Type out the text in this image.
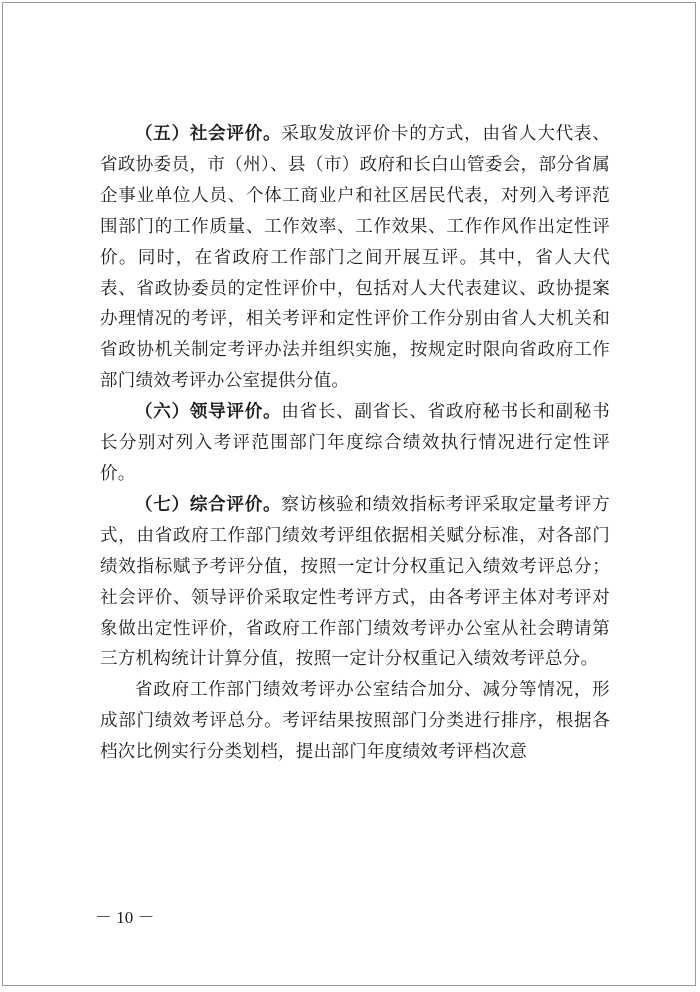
（五）社会评价。采取发放评价卡的方式，由省人大代表、省政协委员，市（州）、县（市）政府和长白山管委会，部分省属企事业单位人员、个体工商业户和社区居民代表，对列入考评范围部门的工作质量、工作效率、工作效果、工作作风作出定性评价。同时，在省政府工作部门之间开展互评。其中，省人大代表、省政协委员的定性评价中，包括对人大代表建议、政协提案办理情况的考评，相关考评和定性评价工作分别由省人大机关和省政协机关制定考评办法并组织实施，按规定时限向省政府工作部门绩效考评办公室提供分值。

（六）领导评价。由省长、副省长、省政府秘书长和副秘书长分别对列入考评范围部门年度综合绩效执行情况进行定性评价。

（七）综合评价。察访核验和绩效指标考评采取定量考评方式，由省政府工作部门绩效考评组依据相关赋分标准，对各部门绩效指标赋予考评分值，按照一定计分权重记入绩效考评总分；社会评价、领导评价采取定性考评方式，由各考评主体对考评对象做出定性评价，省政府工作部门绩效考评办公室从社会聘请第三方机构统计计算分值，按照一定计分权重记入绩效考评总分。

省政府工作部门绩效考评办公室结合加分、减分等情况，形成部门绩效考评总分。考评结果按照部门分类进行排序，根据各档次比例实行分类划档，提出部门年度绩效考评档次意

－ 10 －
